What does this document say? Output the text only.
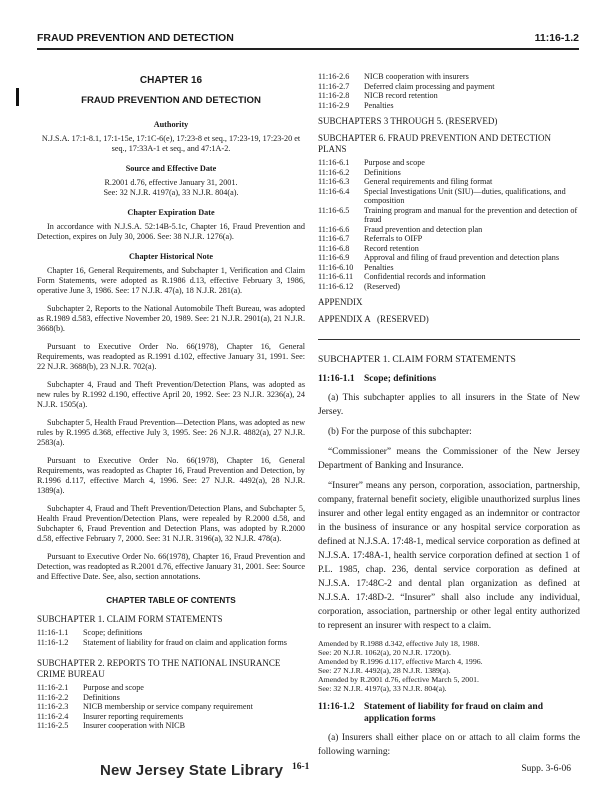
FRAUD PREVENTION AND DETECTION	11:16-1.2
CHAPTER 16
FRAUD PREVENTION AND DETECTION
Authority
N.J.S.A. 17:1-8.1, 17:1-15e, 17:1C-6(e), 17:23-8 et seq., 17:23-19, 17:23-20 et seq., 17:33A-1 et seq., and 47:1A-2.
Source and Effective Date
R.2001 d.76, effective January 31, 2001.
See: 32 N.J.R. 4197(a), 33 N.J.R. 804(a).
Chapter Expiration Date

In accordance with N.J.S.A. 52:14B-5.1c, Chapter 16, Fraud Prevention and Detection, expires on July 30, 2006. See: 38 N.J.R. 1276(a).

Chapter Historical Note

Chapter 16, General Requirements, and Subchapter 1, Verification and Claim Form Statements, were adopted as R.1986 d.13, effective February 3, 1986, operative June 3, 1986. See: 17 N.J.R. 47(a), 18 N.J.R. 281(a).

Subchapter 2, Reports to the National Automobile Theft Bureau, was adopted as R.1989 d.583, effective November 20, 1989. See: 21 N.J.R. 2901(a), 21 N.J.R. 3668(b).

Pursuant to Executive Order No. 66(1978), Chapter 16, General Requirements, was readopted as R.1991 d.102, effective January 31, 1991. See: 22 N.J.R. 3688(b), 23 N.J.R. 702(a).

Subchapter 4, Fraud and Theft Prevention/Detection Plans, was adopted as new rules by R.1992 d.190, effective April 20, 1992. See: 23 N.J.R. 3236(a), 24 N.J.R. 1505(a).

Subchapter 5, Health Fraud Prevention—Detection Plans, was adopted as new rules by R.1995 d.368, effective July 3, 1995. See: 26 N.J.R. 4882(a), 27 N.J.R. 2583(a).

Pursuant to Executive Order No. 66(1978), Chapter 16, General Requirements, was readopted as Chapter 16, Fraud Prevention and Detection, by R.1996 d.117, effective March 4, 1996. See: 27 N.J.R. 4492(a), 28 N.J.R. 1389(a).

Subchapter 4, Fraud and Theft Prevention/Detection Plans, and Subchapter 5, Health Fraud Prevention/Detection Plans, were repealed by R.2000 d.58, and Subchapter 6, Fraud Prevention and Detection Plans, was adopted by R.2000 d.58, effective February 7, 2000. See: 31 N.J.R. 3196(a), 32 N.J.R. 478(a).

Pursuant to Executive Order No. 66(1978), Chapter 16, Fraud Prevention and Detection, was readopted as R.2001 d.76, effective January 31, 2001. See: Source and Effective Date. See, also, section annotations.

CHAPTER TABLE OF CONTENTS
SUBCHAPTER 1. CLAIM FORM STATEMENTS
11:16-1.1	Scope; definitions
11:16-1.2	Statement of liability for fraud on claim and application forms
SUBCHAPTER 2. REPORTS TO THE NATIONAL INSURANCE CRIME BUREAU
11:16-2.1	Purpose and scope
11:16-2.2	Definitions
11:16-2.3	NICB membership or service company requirement
11:16-2.4	Insurer reporting requirements
11:16-2.5	Insurer cooperation with NICB
11:16-2.6	NICB cooperation with insurers
11:16-2.7	Deferred claim processing and payment
11:16-2.8	NICB record retention
11:16-2.9	Penalties
SUBCHAPTERS 3 THROUGH 5. (RESERVED)
SUBCHAPTER 6. FRAUD PREVENTION AND DETECTION PLANS
11:16-6.1	Purpose and scope
11:16-6.2	Definitions
11:16-6.3	General requirements and filing format
11:16-6.4	Special Investigations Unit (SIU)—duties, qualifications, and composition
11:16-6.5	Training program and manual for the prevention and detection of fraud
11:16-6.6	Fraud prevention and detection plan
11:16-6.7	Referrals to OIFP
11:16-6.8	Record retention
11:16-6.9	Approval and filing of fraud prevention and detection plans
11:16-6.10	Penalties
11:16-6.11	Confidential records and information
11:16-6.12	(Reserved)
APPENDIX
APPENDIX A   (RESERVED)
SUBCHAPTER 1. CLAIM FORM STATEMENTS
11:16-1.1 Scope; definitions

(a) This subchapter applies to all insurers in the State of New Jersey.

(b) For the purpose of this subchapter:

“Commissioner” means the Commissioner of the New Jersey Department of Banking and Insurance.

“Insurer” means any person, corporation, association, partnership, company, fraternal benefit society, eligible unauthorized surplus lines insurer and other legal entity engaged as an indemnitor or contractor in the business of insurance or any hospital service corporation as defined at N.J.S.A. 17:48-1, medical service corporation as defined at N.J.S.A. 17:48A-1, health service corporation defined at section 1 of P.L. 1985, chap. 236, dental service corporation as defined at N.J.S.A. 17:48C-2 and dental plan organization as defined at N.J.S.A. 17:48D-2. “Insurer” shall also include any individual, corporation, association, partnership or other legal entity authorized to represent an insurer with respect to a claim.

Amended by R.1988 d.342, effective July 18, 1988.
See: 20 N.J.R. 1062(a), 20 N.J.R. 1720(b).
Amended by R.1996 d.117, effective March 4, 1996.
See: 27 N.J.R. 4492(a), 28 N.J.R. 1389(a).
Amended by R.2001 d.76, effective March 5, 2001.
See: 32 N.J.R. 4197(a), 33 N.J.R. 804(a).
11:16-1.2 Statement of liability for fraud on claim and application forms

(a) Insurers shall either place on or attach to all claim forms the following warning:

New Jersey State Library 16-1	Supp. 3-6-06
